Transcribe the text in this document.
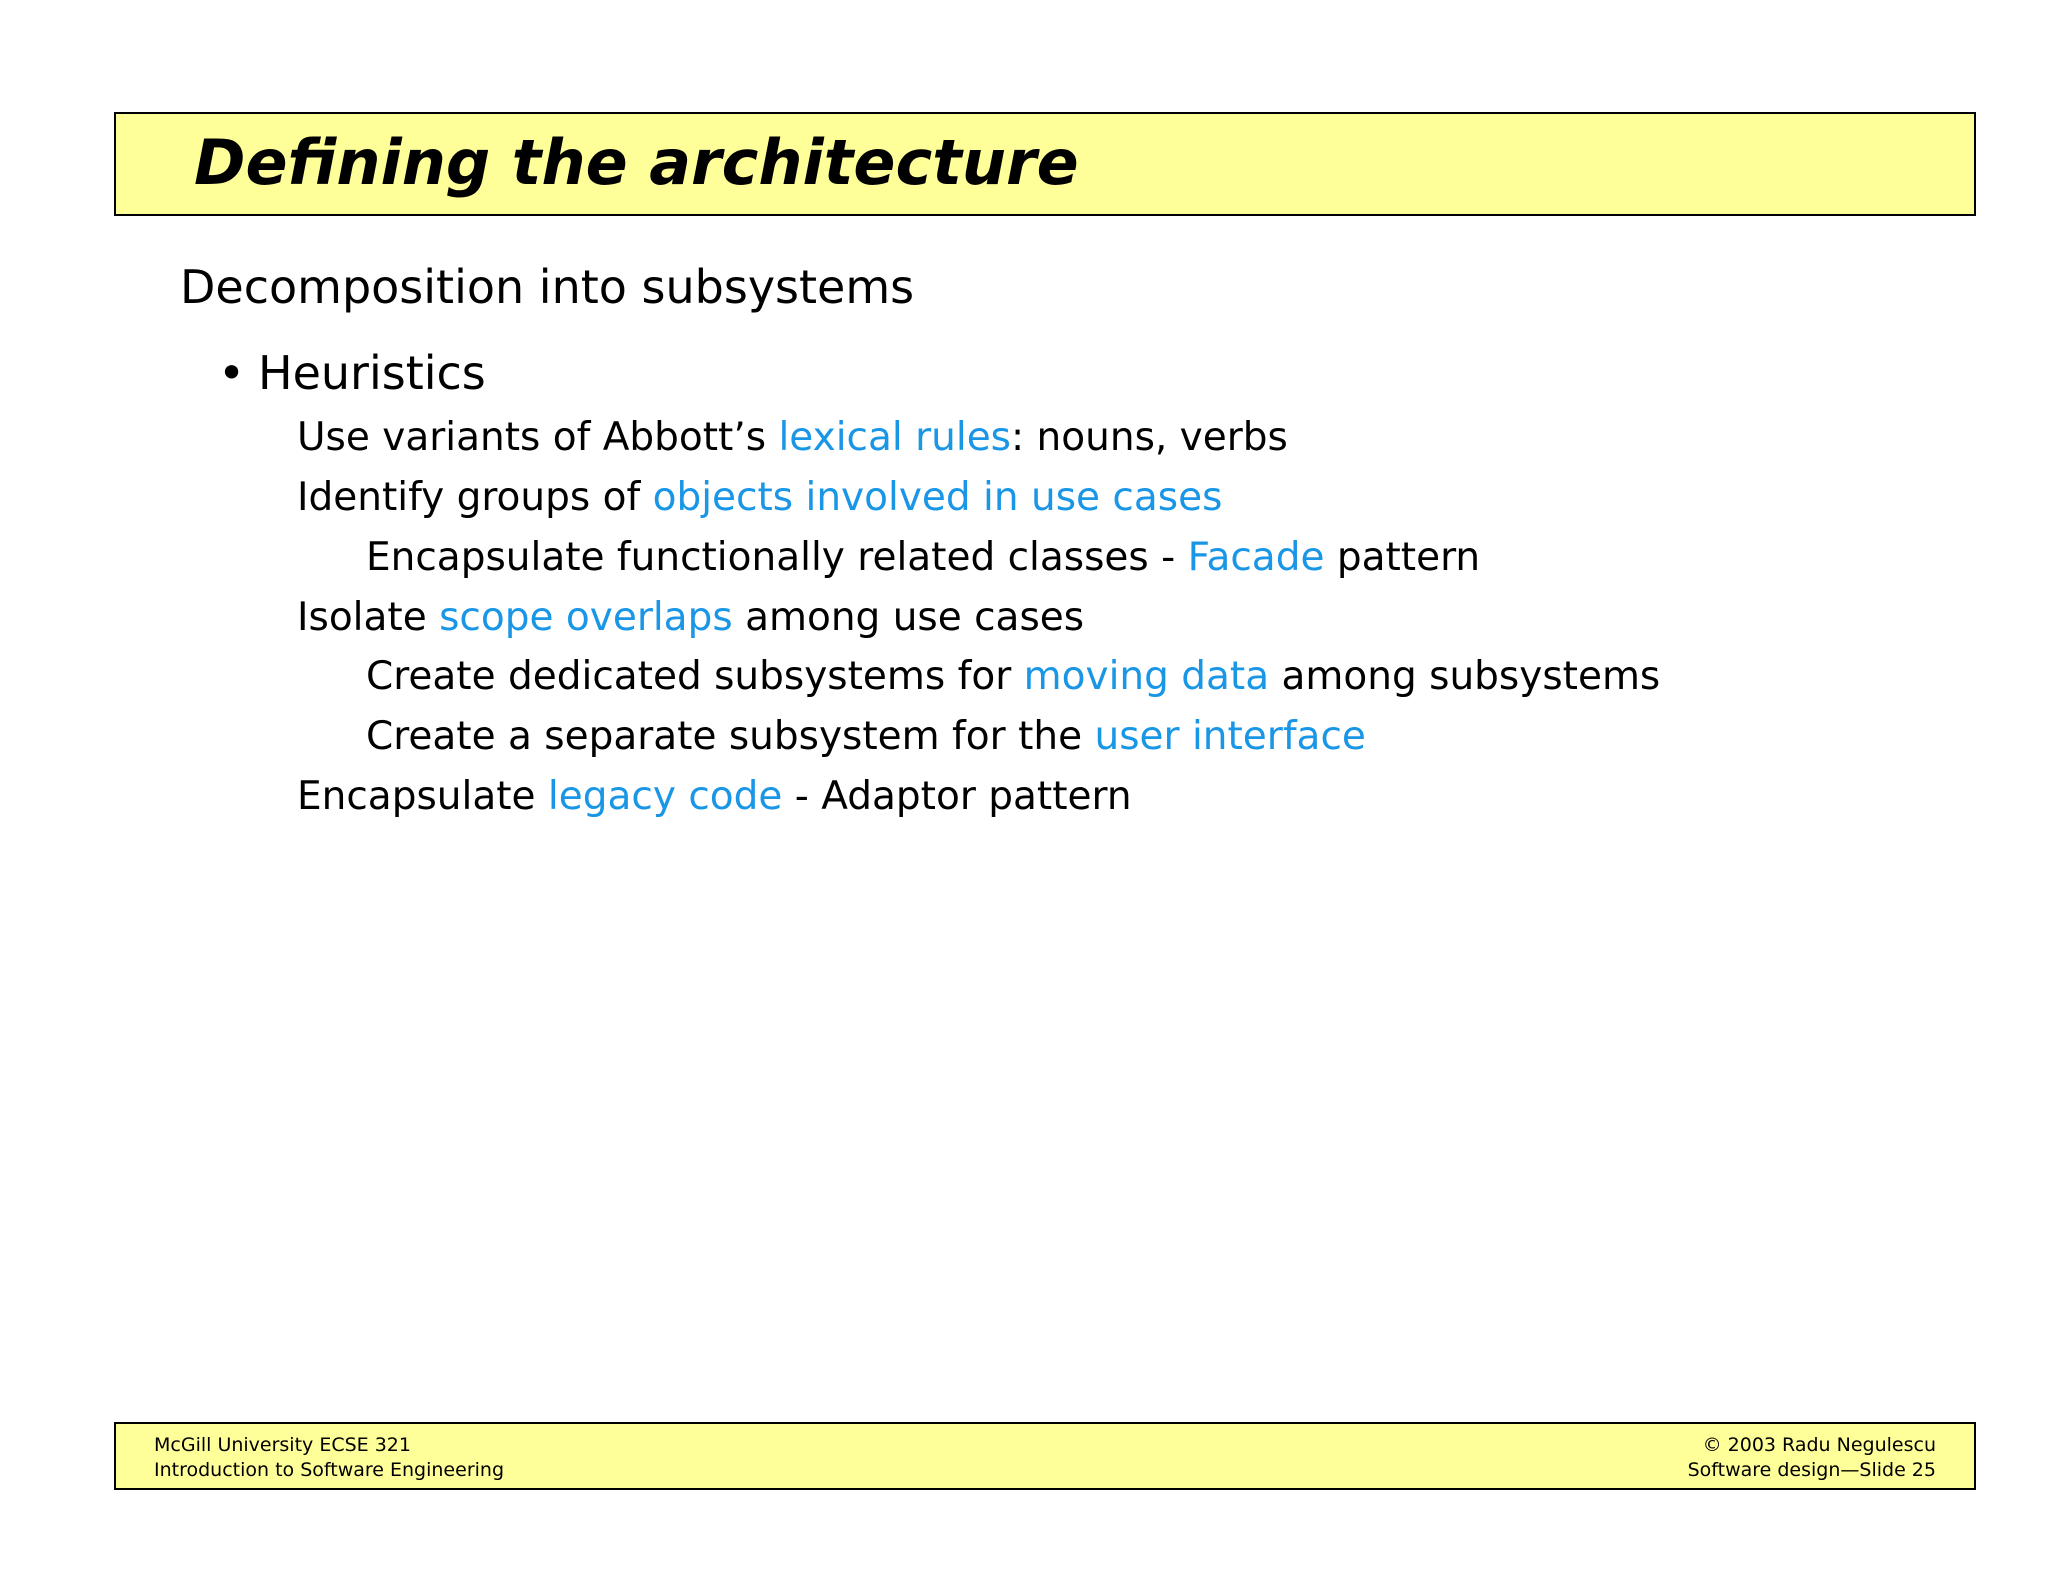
Defining the architecture
Decomposition into subsystems
• Heuristics
Use variants of Abbott’s lexical rules: nouns, verbs
Identify groups of objects involved in use cases
Encapsulate functionally related classes - Facade pattern
Isolate scope overlaps among use cases
Create dedicated subsystems for moving data among subsystems
Create a separate subsystem for the user interface
Encapsulate legacy code - Adaptor pattern
McGill University ECSE 321
Introduction to Software Engineering
© 2003 Radu Negulescu
Software design—Slide 25
